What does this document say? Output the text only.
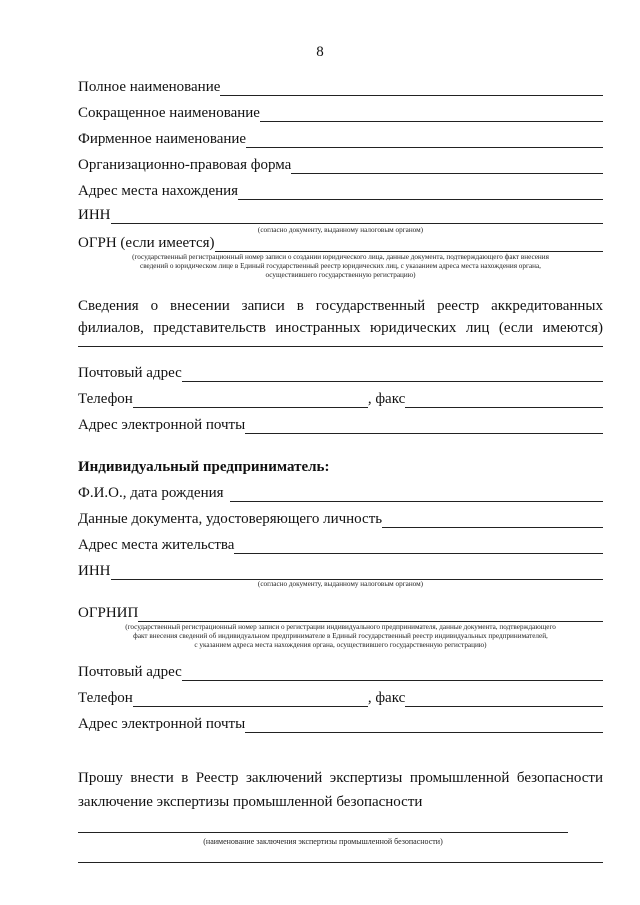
8
Полное наименование
Сокращенное наименование
Фирменное наименование
Организационно-правовая форма
Адрес места нахождения
ИНН
(согласно документу, выданному налоговым органом)
ОГРН (если имеется)
(государственный регистрационный номер записи о создании юридического лица, данные документа, подтверждающего факт внесения
сведений о юридическом лице в Единый государственный реестр юридических лиц, с указанием адреса места нахождения органа,
осуществившего государственную регистрацию)
Сведения о внесении записи в государственный реестр аккредитованных филиалов, представительств иностранных юридических лиц (если имеются)
Почтовый адрес
Телефон	, факс
Адрес электронной почты
Индивидуальный предприниматель:
Ф.И.О., дата рождения
Данные документа, удостоверяющего личность
Адрес места жительства
ИНН
(согласно документу, выданному налоговым органом)
ОГРНИП
(государственный регистрационный номер записи о регистрации индивидуального предпринимателя, данные документа, подтверждающего
факт внесения сведений об индивидуальном предпринимателе в Единый государственный реестр индивидуальных предпринимателей,
с указанием адреса места нахождения органа, осуществившего государственную регистрацию)
Почтовый адрес
Телефон	, факс
Адрес электронной почты
Прошу внести в Реестр заключений экспертизы промышленной безопасности
заключение экспертизы промышленной безопасности
(наименование заключения экспертизы промышленной безопасности)
